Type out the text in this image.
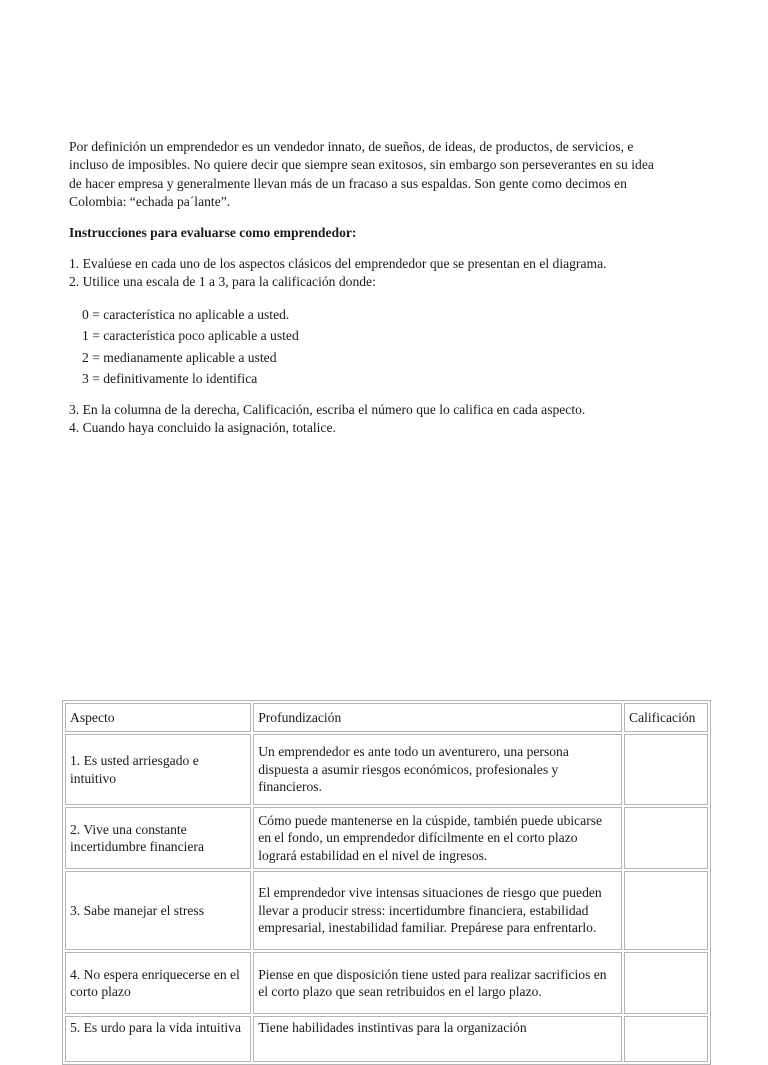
Por definición un emprendedor es un vendedor innato, de sueños, de ideas, de productos, de servicios, e
incluso de imposibles. No quiere decir que siempre sean exitosos, sin embargo son perseverantes en su idea
de hacer empresa y generalmente llevan más de un fracaso a sus espaldas. Son gente como decimos en
Colombia: “echada pa´lante”.

Instrucciones para evaluarse como emprendedor:

1. Evalúese en cada uno de los aspectos clásicos del emprendedor que se presentan en el diagrama.
2. Utilice una escala de 1 a 3, para la calificación donde:

0 = característica no aplicable a usted.
1 = característica poco aplicable a usted
2 = medianamente aplicable a usted
3 = definitivamente lo identifica

3. En la columna de la derecha, Calificación, escriba el número que lo califica en cada aspecto.
4. Cuando haya concluido la asignación, totalice.

Aspecto	Profundización	Calificación
1. Es usted arriesgado e intuitivo	Un emprendedor es ante todo un aventurero, una persona dispuesta a asumir riesgos económicos, profesionales y financieros.	
2. Vive una constante incertidumbre financiera	Cómo puede mantenerse en la cúspide, también puede ubicarse en el fondo, un emprendedor difícilmente en el corto plazo logrará estabilidad en el nivel de ingresos.	
3. Sabe manejar el stress	El emprendedor vive intensas situaciones de riesgo que pueden llevar a producir stress: incertidumbre financiera, estabilidad empresarial, inestabilidad familiar. Prepárese para enfrentarlo.	
4. No espera enriquecerse en el corto plazo	Piense en que disposición tiene usted para realizar sacrificios en el corto plazo que sean retribuidos en el largo plazo.	
5. Es urdo para la vida intuitiva	Tiene habilidades instintivas para la organización	
